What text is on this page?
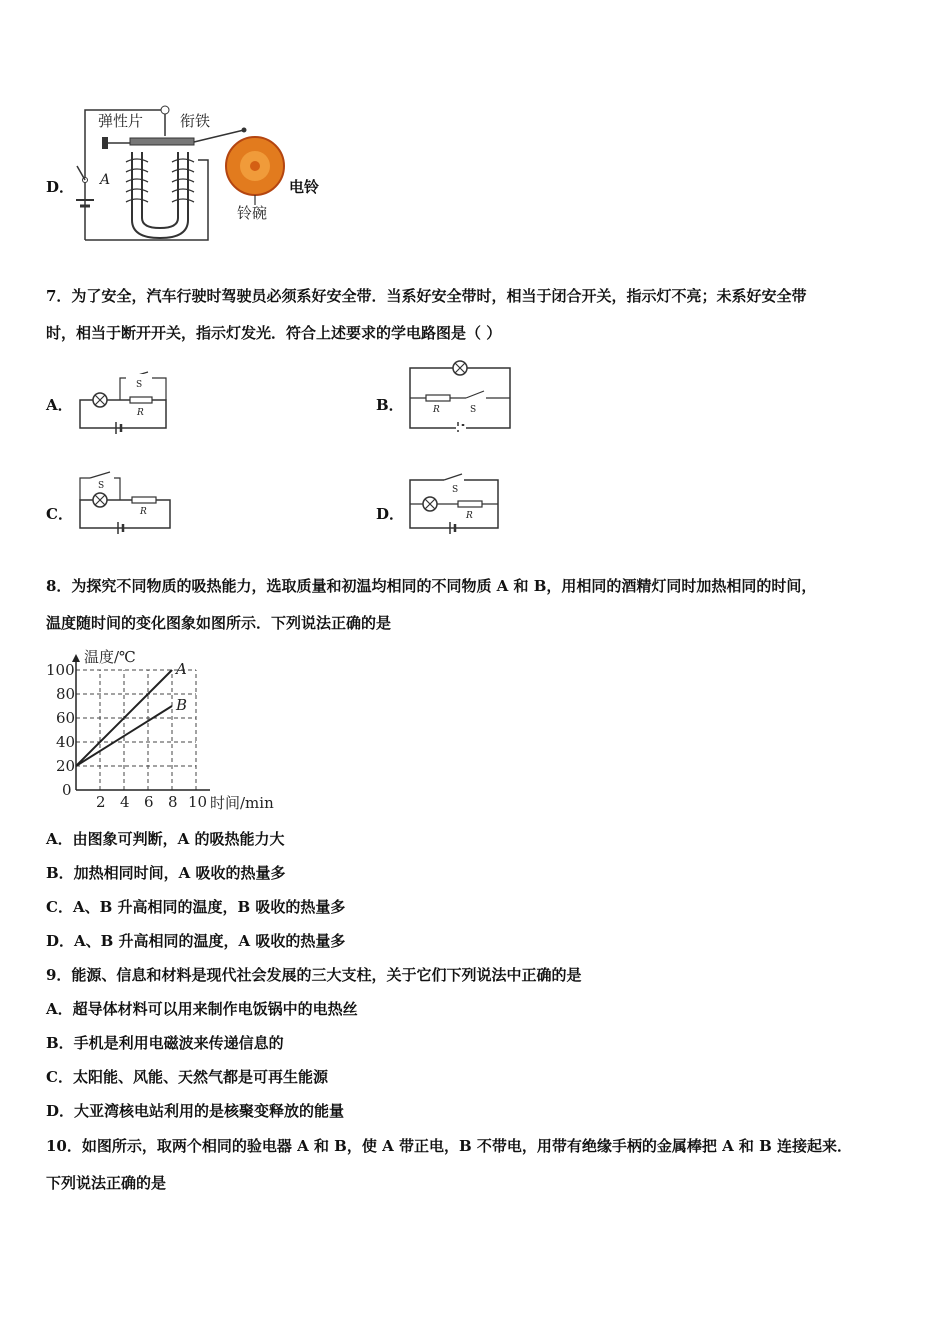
D．
弹性片 衔铁
A	电铃
铃碗
7．为了安全，汽车行驶时驾驶员必须系好安全带．当系好安全带时，相当于闭合开关，指示灯不亮；未系好安全带
时，相当于断开开关，指示灯发光．符合上述要求的学电路图是（ ）
A．
S
R	B．	R	S
C．
S
R	D．
S
R
8．为探究不同物质的吸热能力，选取质量和初温均相同的不同物质 A 和 B，用相同的酒精灯同时加热相同的时间，
温度随时间的变化图象如图所示．下列说法正确的是
2 4 6 8 10
0
20
40
60
80
100	A
B
温度/℃
时间/min
A．由图象可判断，A 的吸热能力大
B．加热相同时间，A 吸收的热量多
C．A、B 升高相同的温度，B 吸收的热量多
D．A、B 升高相同的温度，A 吸收的热量多
9．能源、信息和材料是现代社会发展的三大支柱，关于它们下列说法中正确的是
A．超导体材料可以用来制作电饭锅中的电热丝
B．手机是利用电磁波来传递信息的
C．太阳能、风能、天然气都是可再生能源
D．大亚湾核电站利用的是核聚变释放的能量
10．如图所示，取两个相同的验电器 A 和 B，使 A 带正电，B 不带电，用带有绝缘手柄的金属棒把 A 和 B 连接起来．
下列说法正确的是
